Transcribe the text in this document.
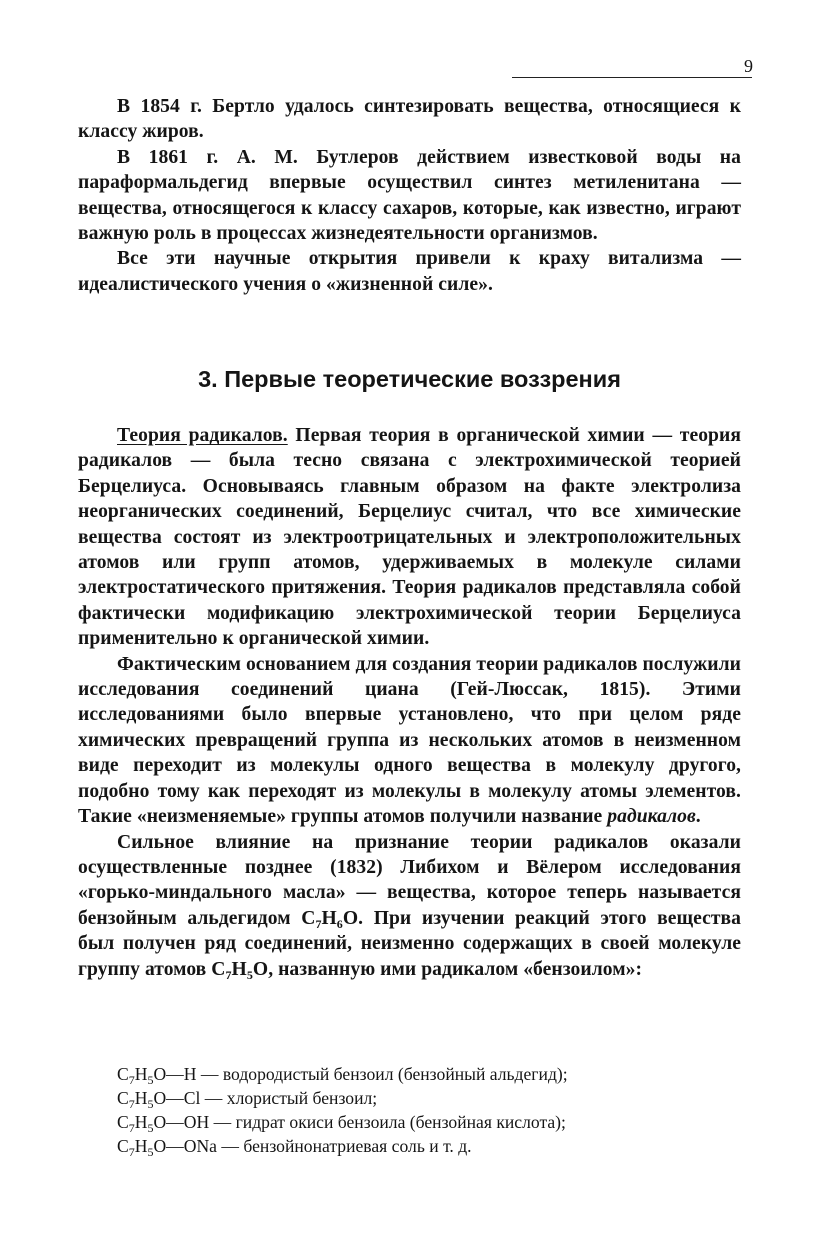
9

В 1854 г. Бертло удалось синтезировать вещества, относящиеся к классу жиров.

В 1861 г. А. М. Бутлеров действием известковой воды на параформальдегид впервые осуществил синтез метиленитана — вещества, относящегося к классу сахаров, которые, как известно, играют важную роль в процессах жизнедеятельности организмов.

Все эти научные открытия привели к краху витализма — идеалистического учения о «жизненной силе».

3. Первые теоретические воззрения

Теория радикалов. Первая теория в органической химии — теория радикалов — была тесно связана с электрохимической теорией Берцелиуса. Основываясь главным образом на факте электролиза неорганических соединений, Берцелиус считал, что все химические вещества состоят из электроотрицательных и электроположительных атомов или групп атомов, удерживаемых в молекуле силами электростатического притяжения. Теория радикалов представляла собой фактически модификацию электрохимической теории Берцелиуса применительно к органической химии.

Фактическим основанием для создания теории радикалов послужили исследования соединений циана (Гей-Люссак, 1815). Этими исследованиями было впервые установлено, что при целом ряде химических превращений группа из нескольких атомов в неизменном виде переходит из молекулы одного вещества в молекулу другого, подобно тому как переходят из молекулы в молекулу атомы элементов. Такие «неизменяемые» группы атомов получили название радикалов.

Сильное влияние на признание теории радикалов оказали осуществленные позднее (1832) Либихом и Вёлером исследования «горько-миндального масла» — вещества, которое теперь называется бензойным альдегидом $C_7H_6O$. При изучении реакций этого вещества был получен ряд соединений, неизменно содержащих в своей молекуле группу атомов $C_7H_5O$, названную ими радикалом «бензоилом»:

$C_7H_5O—H$ — водородистый бензоил (бензойный альдегид);
$C_7H_5O—Cl$ — хлористый бензоил;
$C_7H_5O—OH$ — гидрат окиси бензоила (бензойная кислота);
$C_7H_5O—ONa$ — бензойнонатриевая соль и т. д.
